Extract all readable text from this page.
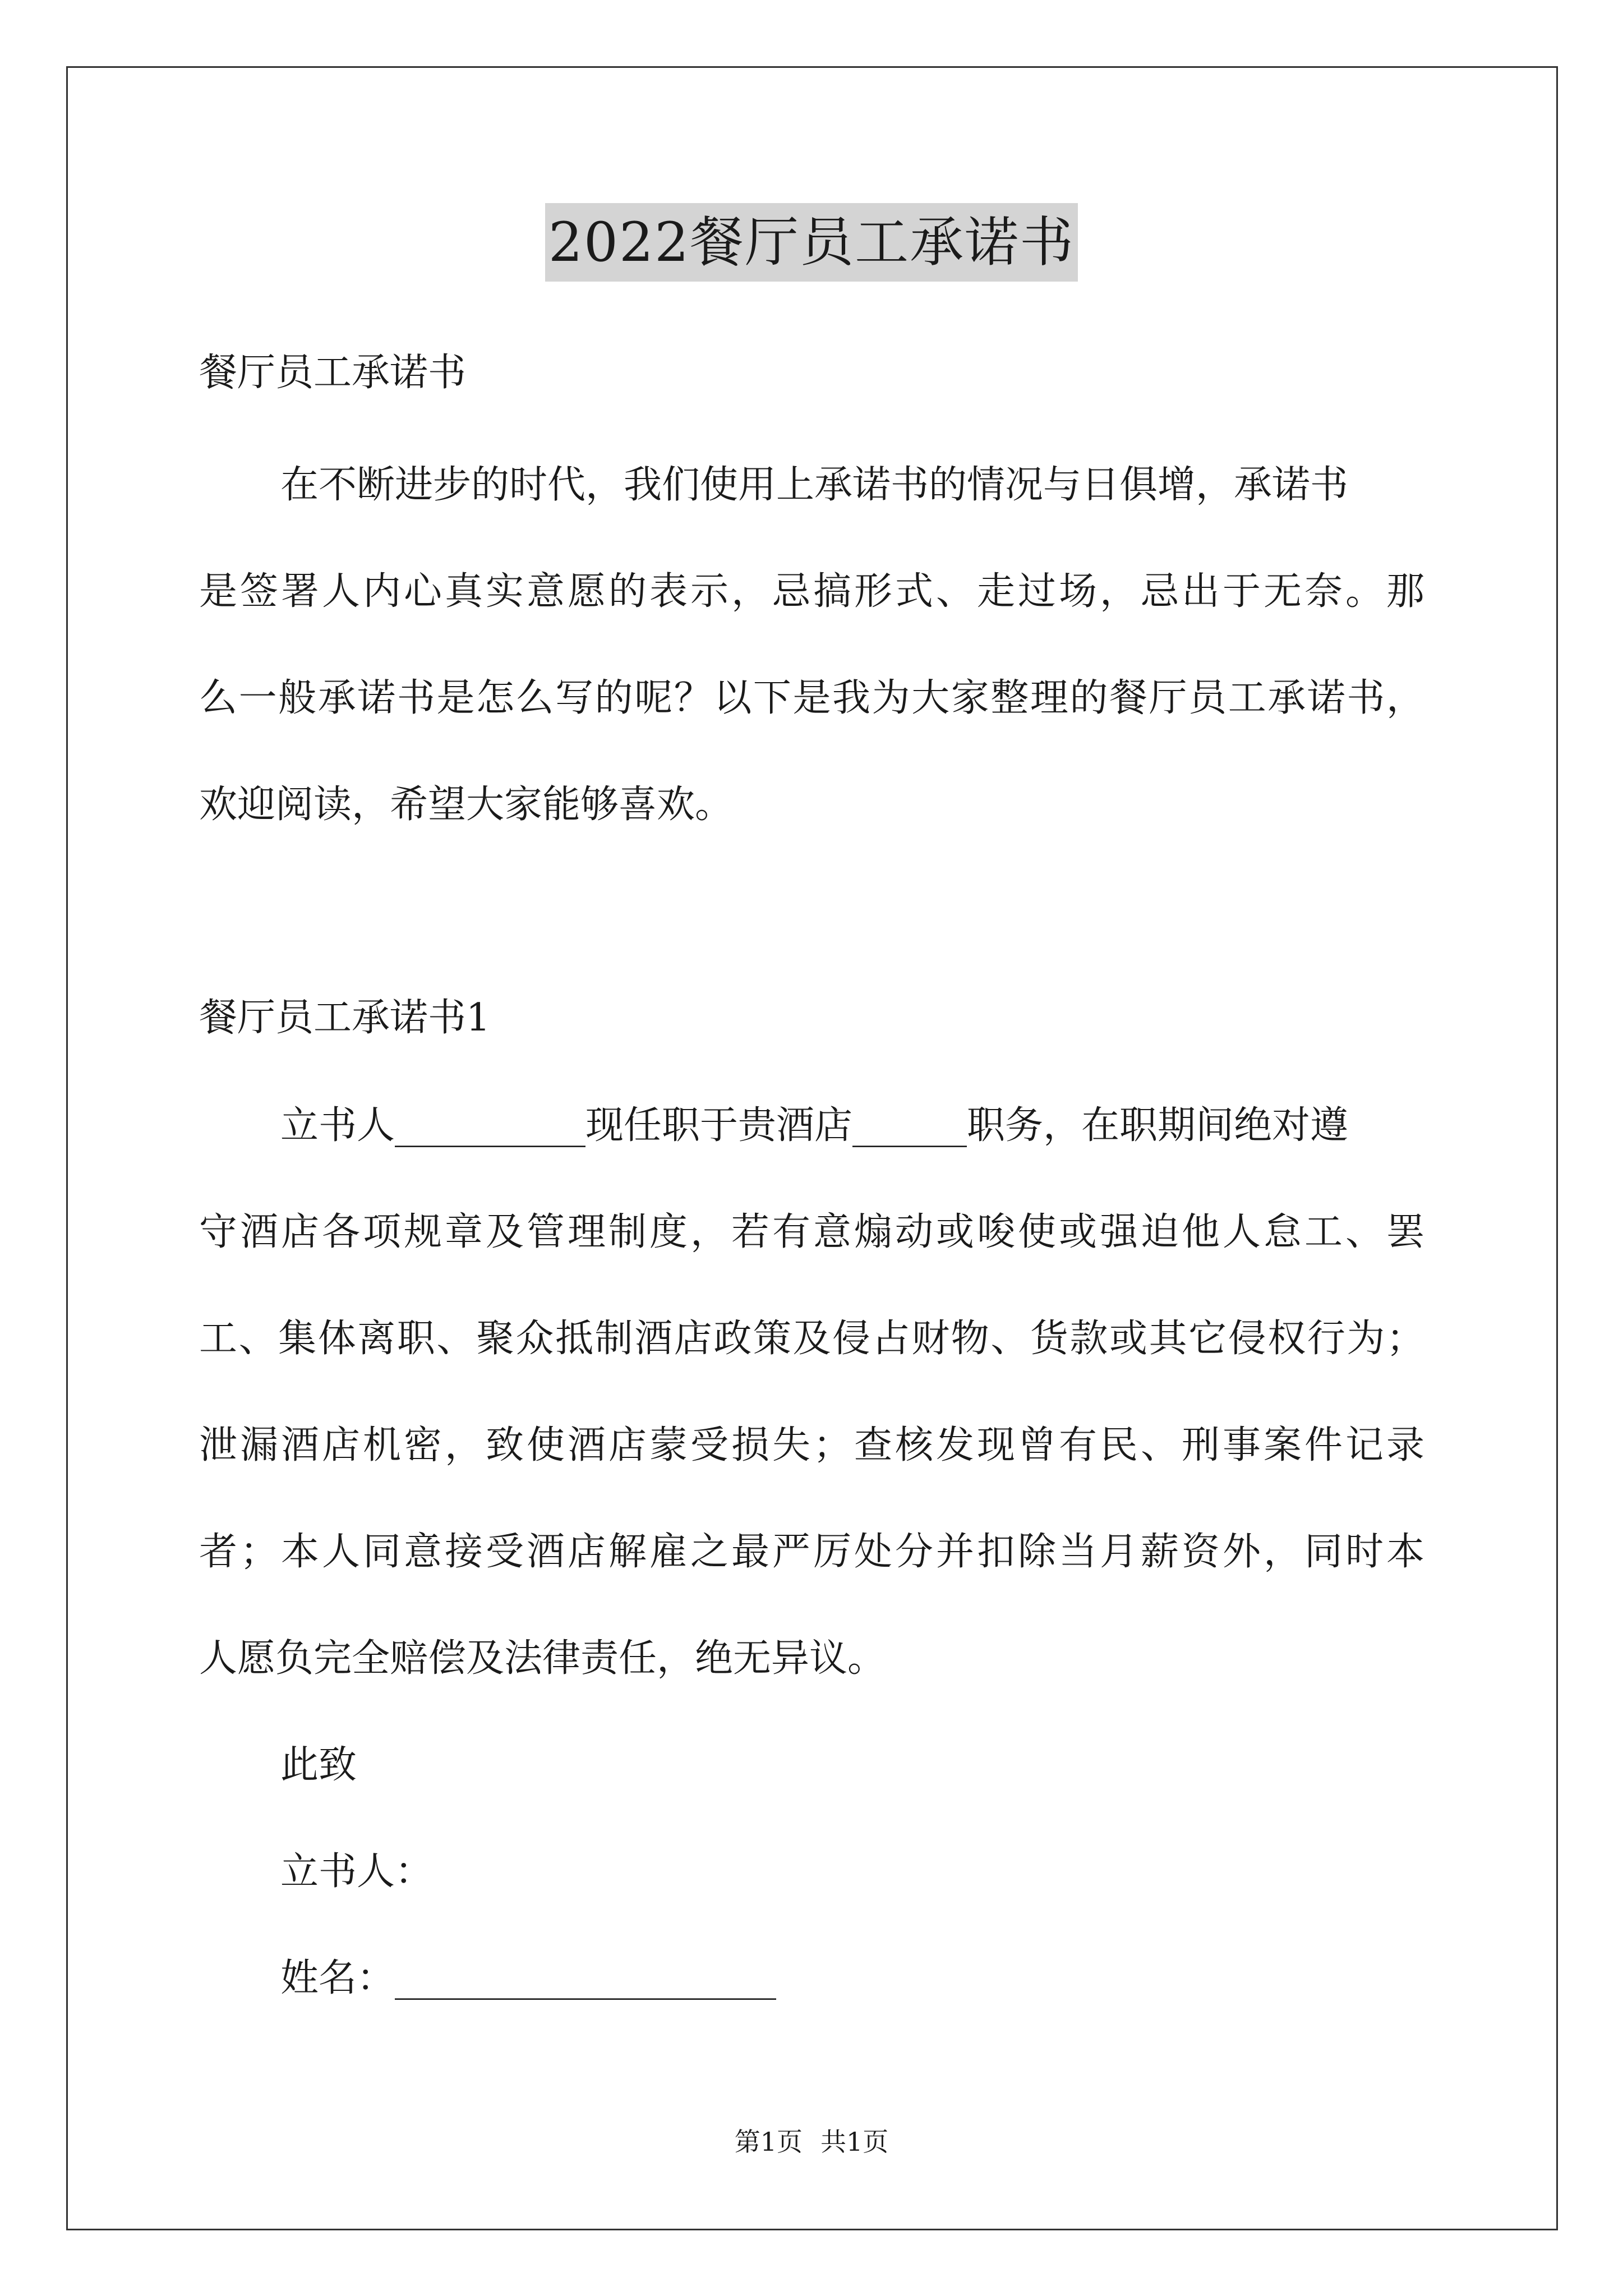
2022餐厅员工承诺书
餐厅员工承诺书
在不断进步的时代，我们使用上承诺书的情况与日俱增，承诺书
是签署人内心真实意愿的表示，忌搞形式、走过场，忌出于无奈。那
么一般承诺书是怎么写的呢？以下是我为大家整理的餐厅员工承诺书，
欢迎阅读，希望大家能够喜欢。
餐厅员工承诺书1
立书人__________现任职于贵酒店______职务，在职期间绝对遵
守酒店各项规章及管理制度，若有意煽动或唆使或强迫他人怠工、罢
工、集体离职、聚众抵制酒店政策及侵占财物、货款或其它侵权行为；
泄漏酒店机密，致使酒店蒙受损失；查核发现曾有民、刑事案件记录
者；本人同意接受酒店解雇之最严厉处分并扣除当月薪资外，同时本
人愿负完全赔偿及法律责任，绝无异议。
此致
立书人：
姓名：____________________
第1页 共1页
